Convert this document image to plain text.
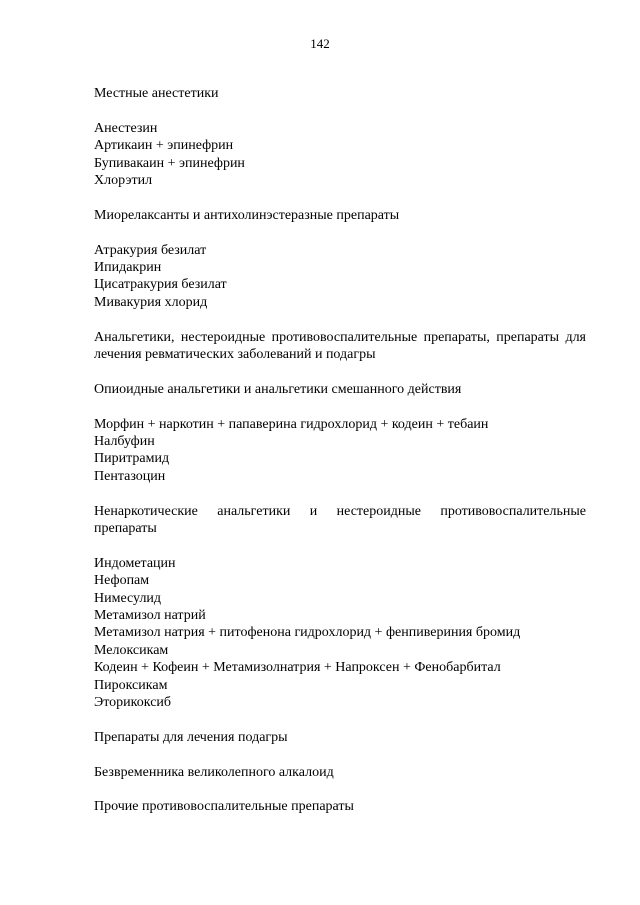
142
Местные анестетики
Анестезин
Артикаин + эпинефрин
Бупивакаин + эпинефрин
Хлорэтил
Миорелаксанты и антихолинэстеразные препараты
Атракурия безилат
Ипидакрин
Цисатракурия безилат
Мивакурия хлорид
Анальгетики, нестероидные противовоспалительные препараты, препараты для лечения ревматических заболеваний и подагры
Опиоидные анальгетики и анальгетики смешанного действия
Морфин + наркотин + папаверина гидрохлорид + кодеин + тебаин
Налбуфин
Пиритрамид
Пентазоцин
Ненаркотические анальгетики и нестероидные противовоспалительные препараты
Индометацин
Нефопам
Нимесулид
Метамизол натрий
Метамизол натрия + питофенона гидрохлорид + фенпивериния бромид
Мелоксикам
Кодеин + Кофеин + Метамизолнатрия + Напроксен + Фенобарбитал
Пироксикам
Эторикоксиб
Препараты для лечения подагры
Безвременника великолепного алкалоид
Прочие противовоспалительные препараты
